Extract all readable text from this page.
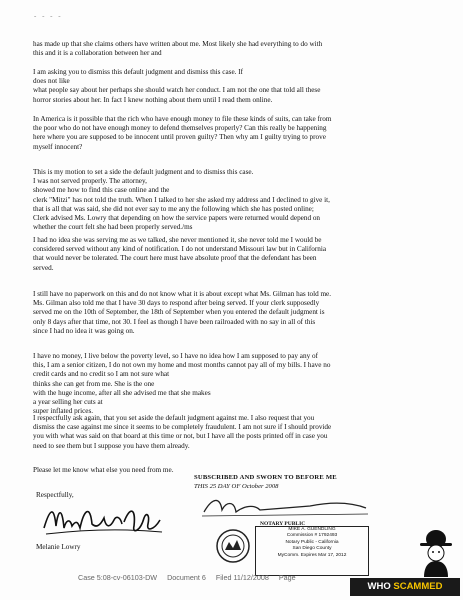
- - - -

has made up that she claims others have written about me. Most likely she had everything to do with
this and it is a collaboration between her and

I am asking you to dismiss this default judgment and dismiss this case. If
does not like
what people say about her perhaps she should watch her conduct. I am not the one that told all these
horror stories about her. In fact I knew nothing about them until I read them online.

In America is it possible that the rich who have enough money to file these kinds of suits, can take from
the poor who do not have enough money to defend themselves properly? Can this really be happening
here where you are supposed to be innocent until proven guilty? Then why am I guilty trying to prove
myself innocent?

This is my motion to set a side the default judgment and to dismiss this case.
I was not served properly. The attorney,
showed me how to find this case online and the
clerk "Mitzi" has not told the truth. When I talked to her she asked my address and I declined to give it,
that is all that was said, she did not ever say to me any the following which she has posted online;
Clerk advised Ms. Lowry that depending on how the service papers were returned would depend on
whether the court felt she had been properly served./ms

I had no idea she was serving me as we talked, she never mentioned it, she never told me I would be
considered served without any kind of notification. I do not understand Missouri law but in California
that would never be tolerated. The court here must have absolute proof that the defendant has been
served.

I still have no paperwork on this and do not know what it is about except what Ms. Gilman has told me.
Ms. Gilman also told me that I have 30 days to respond after being served. If your clerk supposedly
served me on the 10th of September, the 18th of September when you entered the default judgment is
only 8 days after that time, not 30. I feel as though I have been railroaded with no say in all of this
since I had no idea it was going on.

I have no money, I live below the poverty level, so I have no idea how I am supposed to pay any of
this, I am a senior citizen, I do not own my home and most months cannot pay all of my bills. I have no
credit cards and no credit so I am not sure what
thinks she can get from me. She is the one
with the huge income, after all she advised me that she makes
a year selling her cuts at
super inflated prices.

I respectfully ask again, that you set aside the default judgment against me. I also request that you
dismiss the case against me since it seems to be completely fraudulent. I am not sure if I should provide
you with what was said on that board at this time or not, but I have all the posts printed off in case you
need to see them but I suppose you have them already.

Please let me know what else you need from me.

Respectfully,
Melanie Lowry
SUBSCRIBED AND SWORN TO BEFORE ME
THIS 25 DAY OF October 2008
NOTARY PUBLIC
MIKE A. GUENDLING
Commission # 1792493
Notary Public - California
San Diego County
MyComm. Expires Mar 17, 2012
Case 5:08-cv-06103-DW Document 6 Filed 11/12/2008 Page
WHO SCAMMED YOU.COM
